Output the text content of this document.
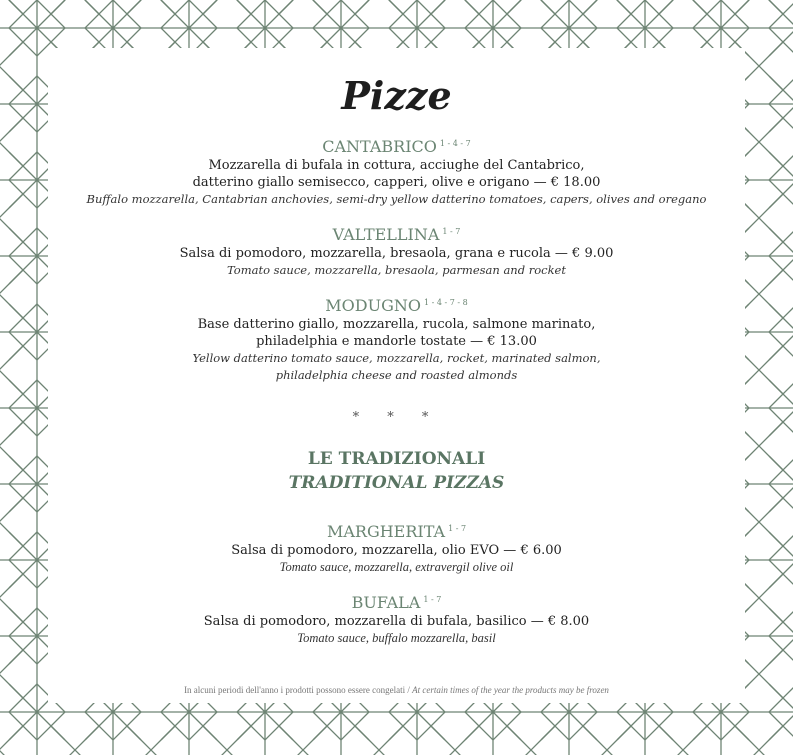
Pizze
CANTABRICO $^{1 - 4 - 7}$
Mozzarella di bufala in cottura, acciughe del Cantabrico,
datterino giallo semisecco, capperi, olive e origano — € 18.00
Buffalo mozzarella, Cantabrian anchovies, semi-dry yellow datterino tomatoes, capers, olives and oregano
VALTELLINA $^{1 - 7}$
Salsa di pomodoro, mozzarella, bresaola, grana e rucola — € 9.00
Tomato sauce, mozzarella, bresaola, parmesan and rocket
MODUGNO $^{1 - 4 - 7 - 8}$
Base datterino giallo, mozzarella, rucola, salmone marinato,
philadelphia e mandorle tostate — € 13.00
Yellow datterino tomato sauce, mozzarella, rocket, marinated salmon,
philadelphia cheese and roasted almonds
* * *
LE TRADIZIONALI
TRADITIONAL PIZZAS
MARGHERITA $^{1 - 7}$
Salsa di pomodoro, mozzarella, olio EVO — € 6.00
Tomato sauce, mozzarella, extravergil olive oil
BUFALA $^{1 - 7}$
Salsa di pomodoro, mozzarella di bufala, basilico — € 8.00
Tomato sauce, buffalo mozzarella, basil
In alcuni periodi dell'anno i prodotti possono essere congelati / At certain times of the year the products may be frozen
